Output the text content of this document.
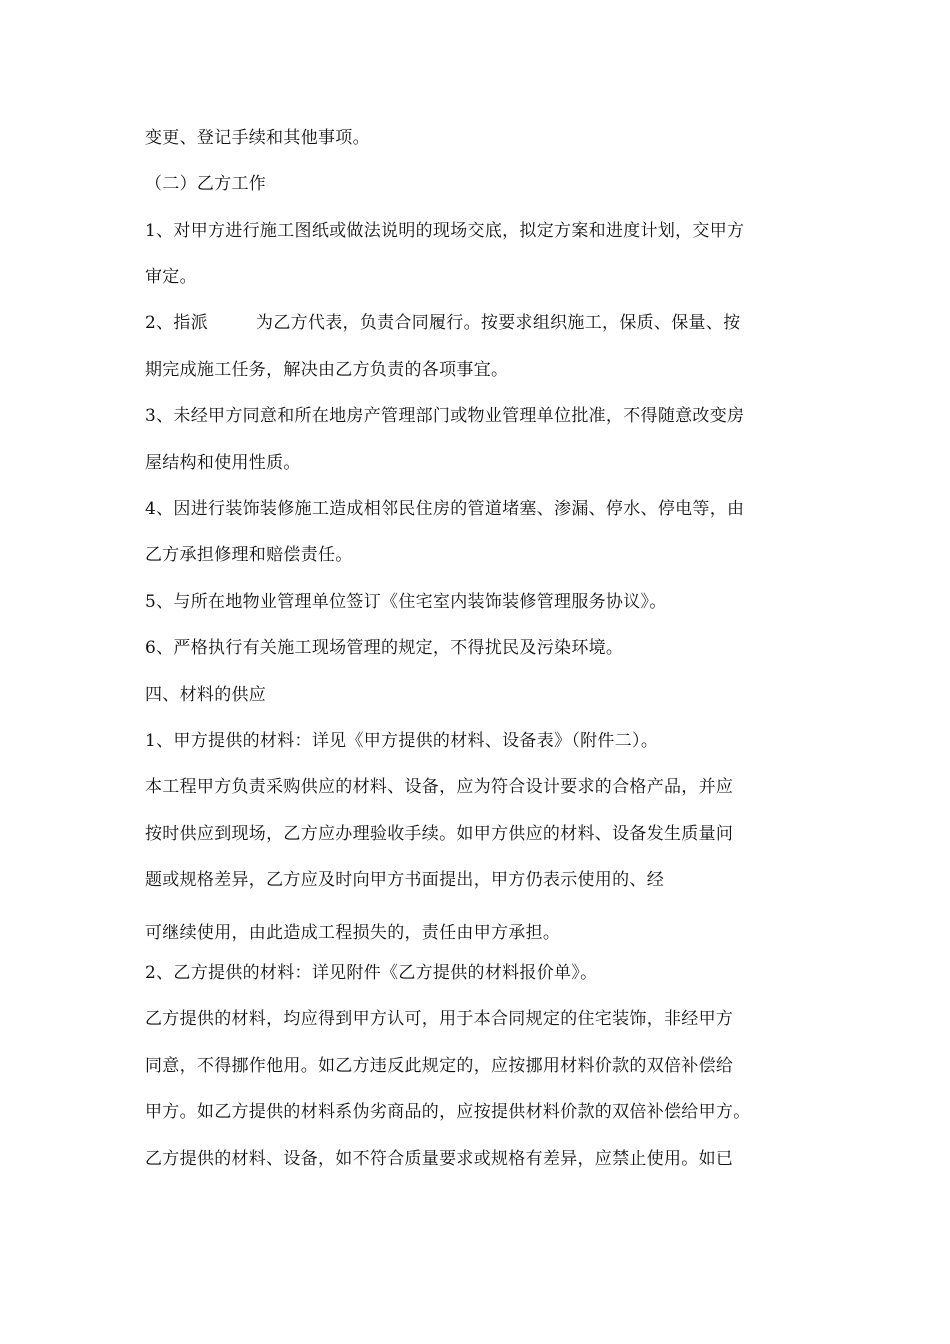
变更、登记手续和其他事项。
（二）乙方工作
1、对甲方进行施工图纸或做法说明的现场交底，拟定方案和进度计划，交甲方
审定。
2、指派	为乙方代表，负责合同履行。按要求组织施工，保质、保量、按
期完成施工任务，解决由乙方负责的各项事宜。
3、未经甲方同意和所在地房产管理部门或物业管理单位批准，不得随意改变房
屋结构和使用性质。
4、因进行装饰装修施工造成相邻民住房的管道堵塞、渗漏、停水、停电等，由
乙方承担修理和赔偿责任。
5、与所在地物业管理单位签订《住宅室内装饰装修管理服务协议》。
6、严格执行有关施工现场管理的规定，不得扰民及污染环境。
四、材料的供应
1、甲方提供的材料：详见《甲方提供的材料、设备表》（附件二）。
本工程甲方负责采购供应的材料、设备，应为符合设计要求的合格产品，并应
按时供应到现场，乙方应办理验收手续。如甲方供应的材料、设备发生质量问
题或规格差异，乙方应及时向甲方书面提出，甲方仍表示使用的、经
可继续使用，由此造成工程损失的，责任由甲方承担。
2、乙方提供的材料：详见附件《乙方提供的材料报价单》。
乙方提供的材料，均应得到甲方认可，用于本合同规定的住宅装饰，非经甲方
同意，不得挪作他用。如乙方违反此规定的，应按挪用材料价款的双倍补偿给
甲方。如乙方提供的材料系伪劣商品的，应按提供材料价款的双倍补偿给甲方。
乙方提供的材料、设备，如不符合质量要求或规格有差异，应禁止使用。如已
